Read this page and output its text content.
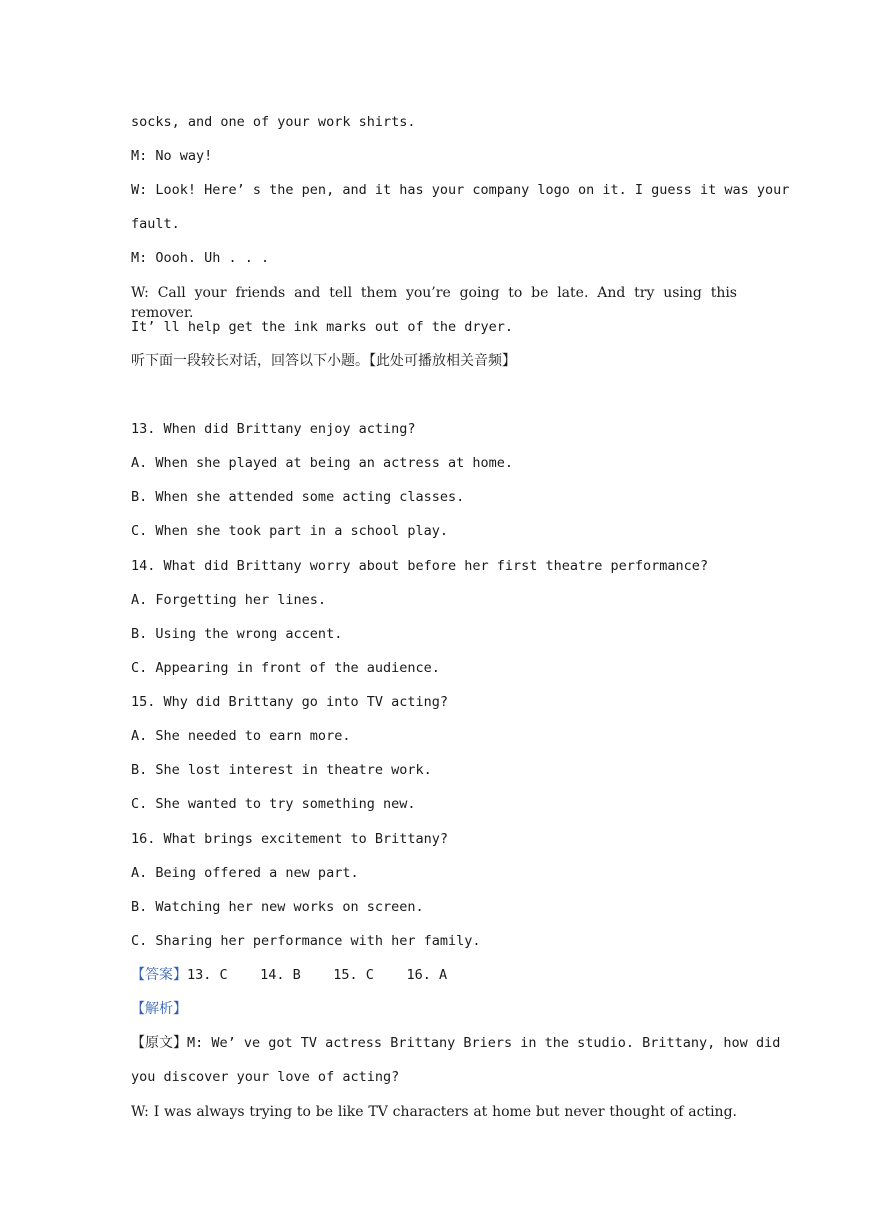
socks, and one of your work shirts.
M: No way!
W: Look! Here’ s the pen, and it has your company logo on it. I guess it was your
fault.
M: Oooh. Uh . . .
W: Call your friends and tell them you’re going to be late. And try using this remover.
It’ ll help get the ink marks out of the dryer.
听下面一段较长对话，回答以下小题。【此处可播放相关音频】
13. When did Brittany enjoy acting?
A. When she played at being an actress at home.
B. When she attended some acting classes.
C. When she took part in a school play.
14. What did Brittany worry about before her first theatre performance?
A. Forgetting her lines.
B. Using the wrong accent.
C. Appearing in front of the audience.
15. Why did Brittany go into TV acting?
A. She needed to earn more.
B. She lost interest in theatre work.
C. She wanted to try something new.
16. What brings excitement to Brittany?
A. Being offered a new part.
B. Watching her new works on screen.
C. Sharing her performance with her family.
【答案】13. C    14. B    15. C    16. A
【解析】
【原文】M: We’ ve got TV actress Brittany Briers in the studio. Brittany, how did
you discover your love of acting?
W: I was always trying to be like TV characters at home but never thought of acting.
